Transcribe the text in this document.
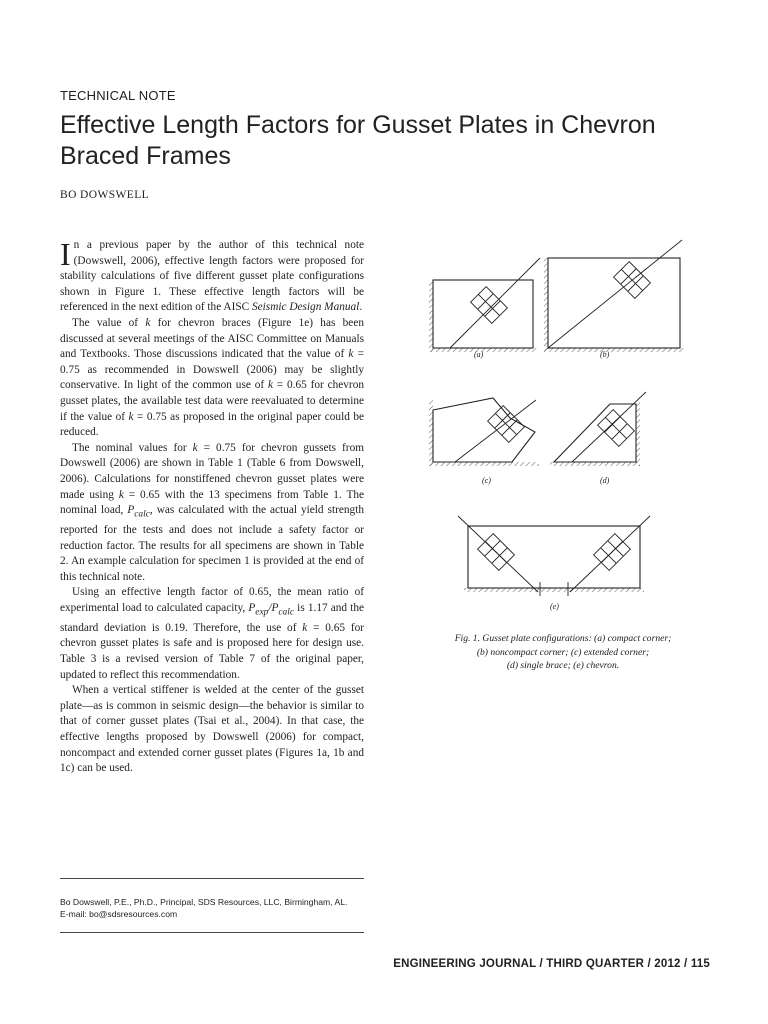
TECHNICAL NOTE
Effective Length Factors for Gusset Plates in Chevron Braced Frames
BO DOWSWELL

In a previous paper by the author of this technical note (Dowswell, 2006), effective length factors were proposed for stability calculations of five different gusset plate configurations shown in Figure 1. These effective length factors will be referenced in the next edition of the AISC Seismic Design Manual.

The value of k for chevron braces (Figure 1e) has been discussed at several meetings of the AISC Committee on Manuals and Textbooks. Those discussions indicated that the value of k = 0.75 as recommended in Dowswell (2006) may be slightly conservative. In light of the common use of k = 0.65 for chevron gusset plates, the available test data were reevaluated to determine if the value of k = 0.75 as proposed in the original paper could be reduced.

The nominal values for k = 0.75 for chevron gussets from Dowswell (2006) are shown in Table 1 (Table 6 from Dowswell, 2006). Calculations for nonstiffened chevron gusset plates were made using k = 0.65 with the 13 specimens from Table 1. The nominal load, $P_{calc}$, was calculated with the actual yield strength reported for the tests and does not include a safety factor or reduction factor. The results for all specimens are shown in Table 2. An example calculation for specimen 1 is provided at the end of this technical note.

Using an effective length factor of 0.65, the mean ratio of experimental load to calculated capacity, $P_{exp}/P_{calc}$ is 1.17 and the standard deviation is 0.19. Therefore, the use of k = 0.65 for chevron gusset plates is safe and is proposed here for design use. Table 3 is a revised version of Table 7 of the original paper, updated to reflect this recommendation.

When a vertical stiffener is welded at the center of the gusset plate—as is common in seismic design—the behavior is similar to that of corner gusset plates (Tsai et al., 2004). In that case, the effective lengths proposed by Dowswell (2006) for compact, noncompact and extended corner gusset plates (Figures 1a, 1b and 1c) can be used.

(a)	(b)
(c)	(d)
(e)
Fig. 1. Gusset plate configurations: (a) compact corner;
(b) noncompact corner; (c) extended corner;
(d) single brace; (e) chevron.
Bo Dowswell, P.E., Ph.D., Principal, SDS Resources, LLC, Birmingham, AL.
E-mail: bo@sdsresources.com
ENGINEERING JOURNAL / THIRD QUARTER / 2012 / 115
